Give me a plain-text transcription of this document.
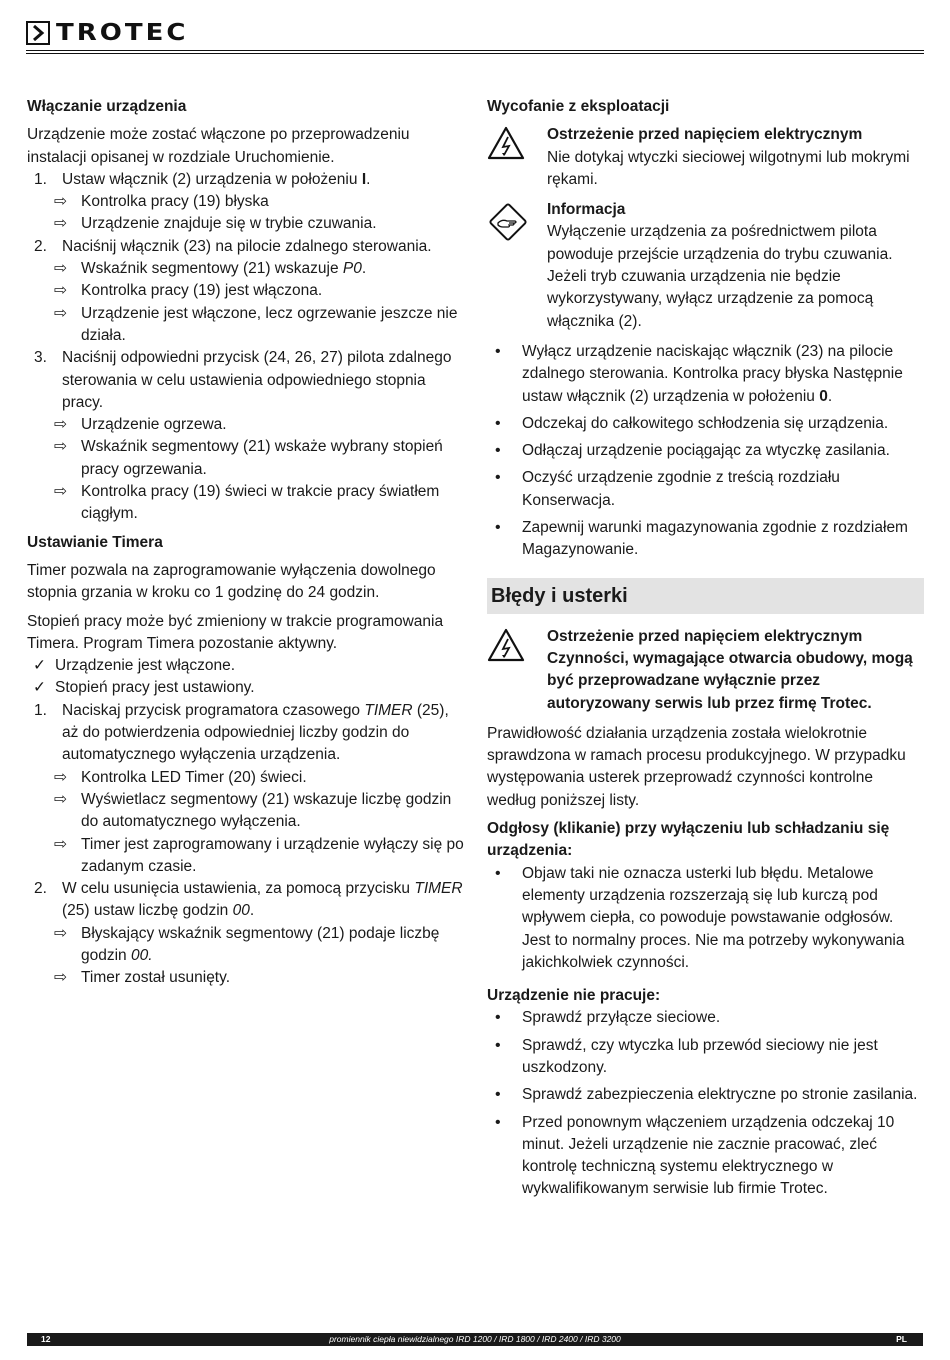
TROTEC

Włączanie urządzenia

Urządzenie może zostać włączone po przeprowadzeniu instalacji opisanej w rozdziale Uruchomienie.

1. Ustaw włącznik (2) urządzenia w położeniu I.
⇨ Kontrolka pracy (19) błyska
⇨ Urządzenie znajduje się w trybie czuwania.
2. Naciśnij włącznik (23) na pilocie zdalnego sterowania.
⇨ Wskaźnik segmentowy (21) wskazuje P0.
⇨ Kontrolka pracy (19) jest włączona.
⇨ Urządzenie jest włączone, lecz ogrzewanie jeszcze nie działa.
3. Naciśnij odpowiedni przycisk (24, 26, 27) pilota zdalnego sterowania w celu ustawienia odpowiedniego stopnia pracy.
⇨ Urządzenie ogrzewa.
⇨ Wskaźnik segmentowy (21) wskaże wybrany stopień pracy ogrzewania.
⇨ Kontrolka pracy (19) świeci w trakcie pracy światłem ciągłym.

Ustawianie Timera

Timer pozwala na zaprogramowanie wyłączenia dowolnego stopnia grzania w kroku co 1 godzinę do 24 godzin.

Stopień pracy może być zmieniony w trakcie programowania Timera. Program Timera pozostanie aktywny.

✓ Urządzenie jest włączone.
✓ Stopień pracy jest ustawiony.
1. Naciskaj przycisk programatora czasowego TIMER (25), aż do potwierdzenia odpowiedniej liczby godzin do automatycznego wyłączenia urządzenia.
⇨ Kontrolka LED Timer (20) świeci.
⇨ Wyświetlacz segmentowy (21) wskazuje liczbę godzin do automatycznego wyłączenia.
⇨ Timer jest zaprogramowany i urządzenie wyłączy się po zadanym czasie.
2. W celu usunięcia ustawienia, za pomocą przycisku TIMER (25) ustaw liczbę godzin 00.
⇨ Błyskający wskaźnik segmentowy (21) podaje liczbę godzin 00.
⇨ Timer został usunięty.

Wycofanie z eksploatacji

Ostrzeżenie przed napięciem elektrycznym

Nie dotykaj wtyczki sieciowej wilgotnymi lub mokrymi rękami.

Informacja

Wyłączenie urządzenia za pośrednictwem pilota powoduje przejście urządzenia do trybu czuwania. Jeżeli tryb czuwania urządzenia nie będzie wykorzystywany, wyłącz urządzenie za pomocą włącznika (2).

•	Wyłącz urządzenie naciskając włącznik (23) na pilocie zdalnego sterowania. Kontrolka pracy błyska Następnie ustaw włącznik (2) urządzenia w położeniu 0.
•	Odczekaj do całkowitego schłodzenia się urządzenia.
•	Odłączaj urządzenie pociągając za wtyczkę zasilania.
•	Oczyść urządzenie zgodnie z treścią rozdziału Konserwacja.
•	Zapewnij warunki magazynowania zgodnie z rozdziałem Magazynowanie.
Błędy i usterki

Ostrzeżenie przed napięciem elektrycznym

Czynności, wymagające otwarcia obudowy, mogą być przeprowadzane wyłącznie przez autoryzowany serwis lub przez firmę Trotec.

Prawidłowość działania urządzenia została wielokrotnie sprawdzona w ramach procesu produkcyjnego. W przypadku występowania usterek przeprowadź czynności kontrolne według poniższej listy.

Odgłosy (klikanie) przy wyłączeniu lub schładzaniu się urządzenia:

•	Objaw taki nie oznacza usterki lub błędu. Metalowe elementy urządzenia rozszerzają się lub kurczą pod wpływem ciepła, co powoduje powstawanie odgłosów. Jest to normalny proces. Nie ma potrzeby wykonywania jakichkolwiek czynności.

Urządzenie nie pracuje:

•	Sprawdź przyłącze sieciowe.
•	Sprawdź, czy wtyczka lub przewód sieciowy nie jest uszkodzony.
•	Sprawdź zabezpieczenia elektryczne po stronie zasilania.
•	Przed ponownym włączeniem urządzenia odczekaj 10 minut. Jeżeli urządzenie nie zacznie pracować, zleć kontrolę techniczną systemu elektrycznego w wykwalifikowanym serwisie lub firmie Trotec.
12	promiennik ciepła niewidzialnego IRD 1200 / IRD 1800 / IRD 2400 / IRD 3200	PL
